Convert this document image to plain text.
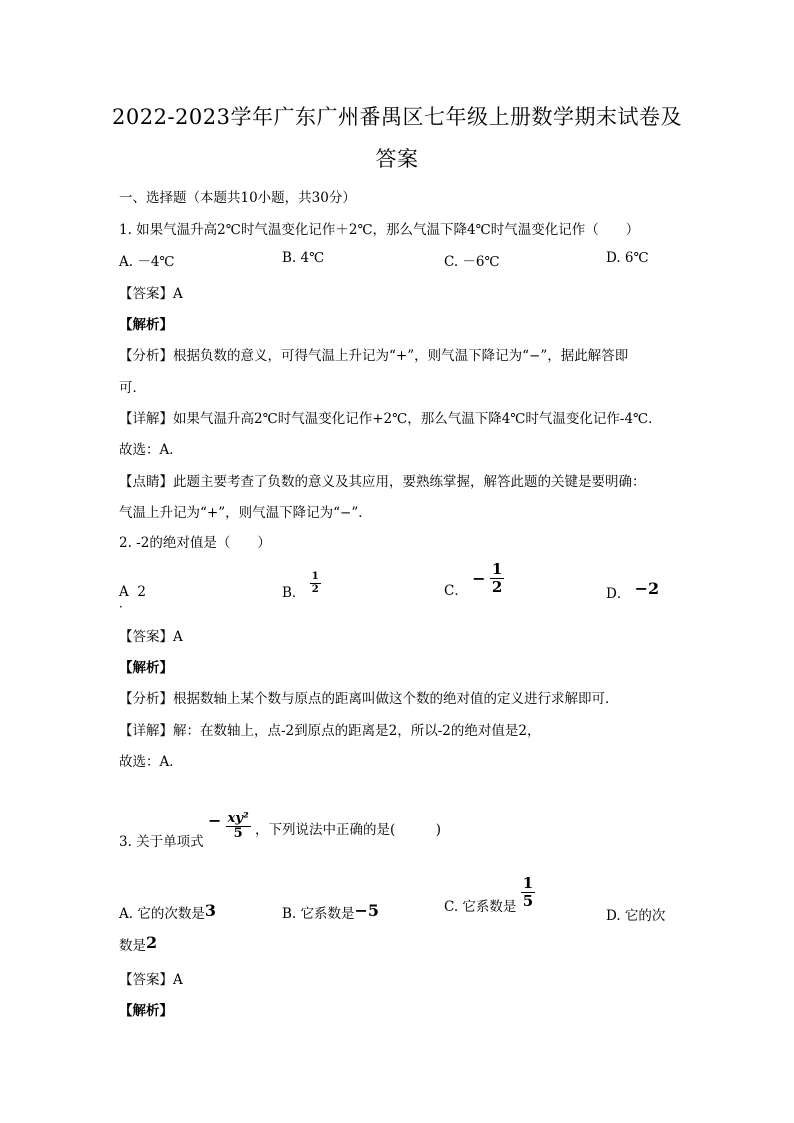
2022-2023学年广东广州番禺区七年级上册数学期末试卷及
答案
一、选择题（本题共10小题，共30分）
1. 如果气温升高2℃时气温变化记作＋2℃，那么气温下降4℃时气温变化记作（　　）
A. －4℃	B. 4℃	C. －6℃	D. 6℃
【答案】A
【解析】
【分析】根据负数的意义，可得气温上升记为“+”，则气温下降记为“−”，据此解答即
可．
【详解】如果气温升高2℃时气温变化记作+2℃，那么气温下降4℃时气温变化记作-4℃．
故选：A．
【点睛】此题主要考查了负数的意义及其应用，要熟练掌握，解答此题的关键是要明确：
气温上升记为“+”，则气温下降记为“−”．
2. -2的绝对值是（　　）
A 2
．
B． $\frac{1}{2}$	C． − $\frac{1}{2}$	D． −2
【答案】A
【解析】
【分析】根据数轴上某个数与原点的距离叫做这个数的绝对值的定义进行求解即可．
【详解】解：在数轴上，点-2到原点的距离是2，所以-2的绝对值是2，
故选：A．
3. 关于单项式 − $\frac{\text{xy²}}{5}$ ，下列说法中正确的是(　　　)
A. 它的次数是3	B. 它系数是−5	C. 它系数是 $\frac{1}{5}$
D. 它的次
数是2
【答案】A
【解析】
